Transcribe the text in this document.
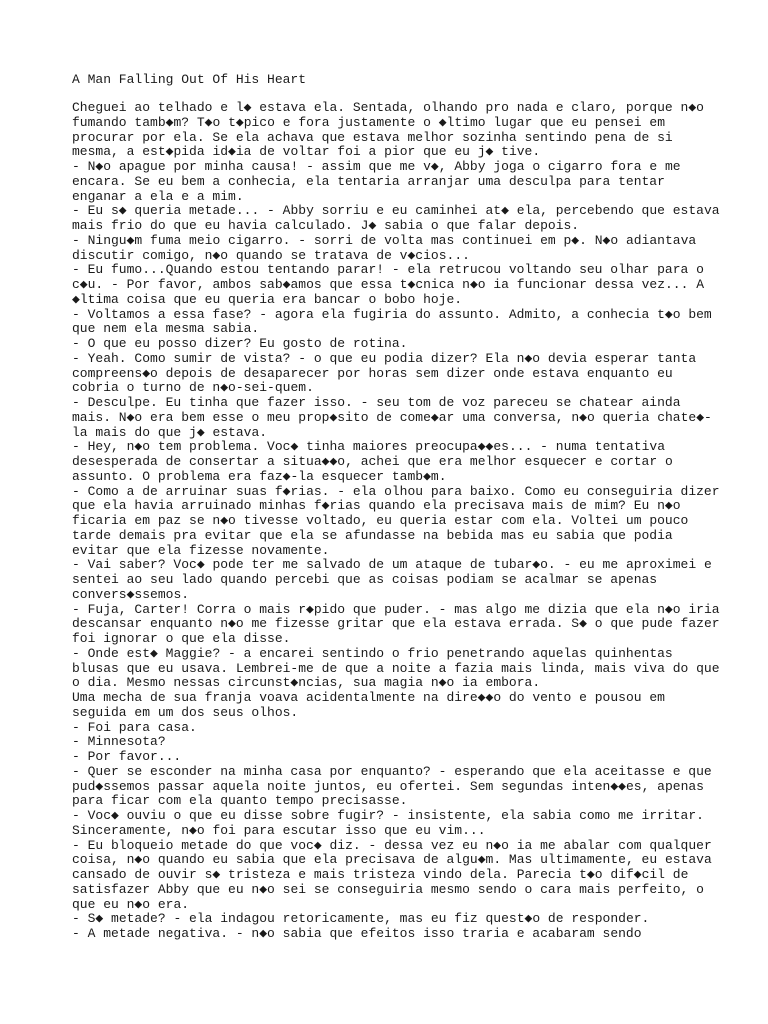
A Man Falling Out Of His Heart
Cheguei ao telhado e l◆ estava ela. Sentada, olhando pro nada e claro, porque n◆o
fumando tamb◆m? T◆o t◆pico e fora justamente o ◆ltimo lugar que eu pensei em
procurar por ela. Se ela achava que estava melhor sozinha sentindo pena de si
mesma, a est◆pida id◆ia de voltar foi a pior que eu j◆ tive.
- N◆o apague por minha causa! - assim que me v◆, Abby joga o cigarro fora e me
encara. Se eu bem a conhecia, ela tentaria arranjar uma desculpa para tentar
enganar a ela e a mim.
- Eu s◆ queria metade... - Abby sorriu e eu caminhei at◆ ela, percebendo que estava
mais frio do que eu havia calculado. J◆ sabia o que falar depois.
- Ningu◆m fuma meio cigarro. - sorri de volta mas continuei em p◆. N◆o adiantava
discutir comigo, n◆o quando se tratava de v◆cios...
- Eu fumo...Quando estou tentando parar! - ela retrucou voltando seu olhar para o
c◆u. - Por favor, ambos sab◆amos que essa t◆cnica n◆o ia funcionar dessa vez... A
◆ltima coisa que eu queria era bancar o bobo hoje.
- Voltamos a essa fase? - agora ela fugiria do assunto. Admito, a conhecia t◆o bem
que nem ela mesma sabia.
- O que eu posso dizer? Eu gosto de rotina.
- Yeah. Como sumir de vista? - o que eu podia dizer? Ela n◆o devia esperar tanta
compreens◆o depois de desaparecer por horas sem dizer onde estava enquanto eu
cobria o turno de n◆o-sei-quem.
- Desculpe. Eu tinha que fazer isso. - seu tom de voz pareceu se chatear ainda
mais. N◆o era bem esse o meu prop◆sito de come◆ar uma conversa, n◆o queria chate◆-
la mais do que j◆ estava.
- Hey, n◆o tem problema. Voc◆ tinha maiores preocupa◆◆es... - numa tentativa
desesperada de consertar a situa◆◆o, achei que era melhor esquecer e cortar o
assunto. O problema era faz◆-la esquecer tamb◆m.
- Como a de arruinar suas f◆rias. - ela olhou para baixo. Como eu conseguiria dizer
que ela havia arruinado minhas f◆rias quando ela precisava mais de mim? Eu n◆o
ficaria em paz se n◆o tivesse voltado, eu queria estar com ela. Voltei um pouco
tarde demais pra evitar que ela se afundasse na bebida mas eu sabia que podia
evitar que ela fizesse novamente.
- Vai saber? Voc◆ pode ter me salvado de um ataque de tubar◆o. - eu me aproximei e
sentei ao seu lado quando percebi que as coisas podiam se acalmar se apenas
convers◆ssemos.
- Fuja, Carter! Corra o mais r◆pido que puder. - mas algo me dizia que ela n◆o iria
descansar enquanto n◆o me fizesse gritar que ela estava errada. S◆ o que pude fazer
foi ignorar o que ela disse.
- Onde est◆ Maggie? - a encarei sentindo o frio penetrando aquelas quinhentas
blusas que eu usava. Lembrei-me de que a noite a fazia mais linda, mais viva do que
o dia. Mesmo nessas circunst◆ncias, sua magia n◆o ia embora.
Uma mecha de sua franja voava acidentalmente na dire◆◆o do vento e pousou em
seguida em um dos seus olhos.
- Foi para casa.
- Minnesota?
- Por favor...
- Quer se esconder na minha casa por enquanto? - esperando que ela aceitasse e que
pud◆ssemos passar aquela noite juntos, eu ofertei. Sem segundas inten◆◆es, apenas
para ficar com ela quanto tempo precisasse.
- Voc◆ ouviu o que eu disse sobre fugir? - insistente, ela sabia como me irritar.
Sinceramente, n◆o foi para escutar isso que eu vim...
- Eu bloqueio metade do que voc◆ diz. - dessa vez eu n◆o ia me abalar com qualquer
coisa, n◆o quando eu sabia que ela precisava de algu◆m. Mas ultimamente, eu estava
cansado de ouvir s◆ tristeza e mais tristeza vindo dela. Parecia t◆o dif◆cil de
satisfazer Abby que eu n◆o sei se conseguiria mesmo sendo o cara mais perfeito, o
que eu n◆o era.
- S◆ metade? - ela indagou retoricamente, mas eu fiz quest◆o de responder.
- A metade negativa. - n◆o sabia que efeitos isso traria e acabaram sendo
